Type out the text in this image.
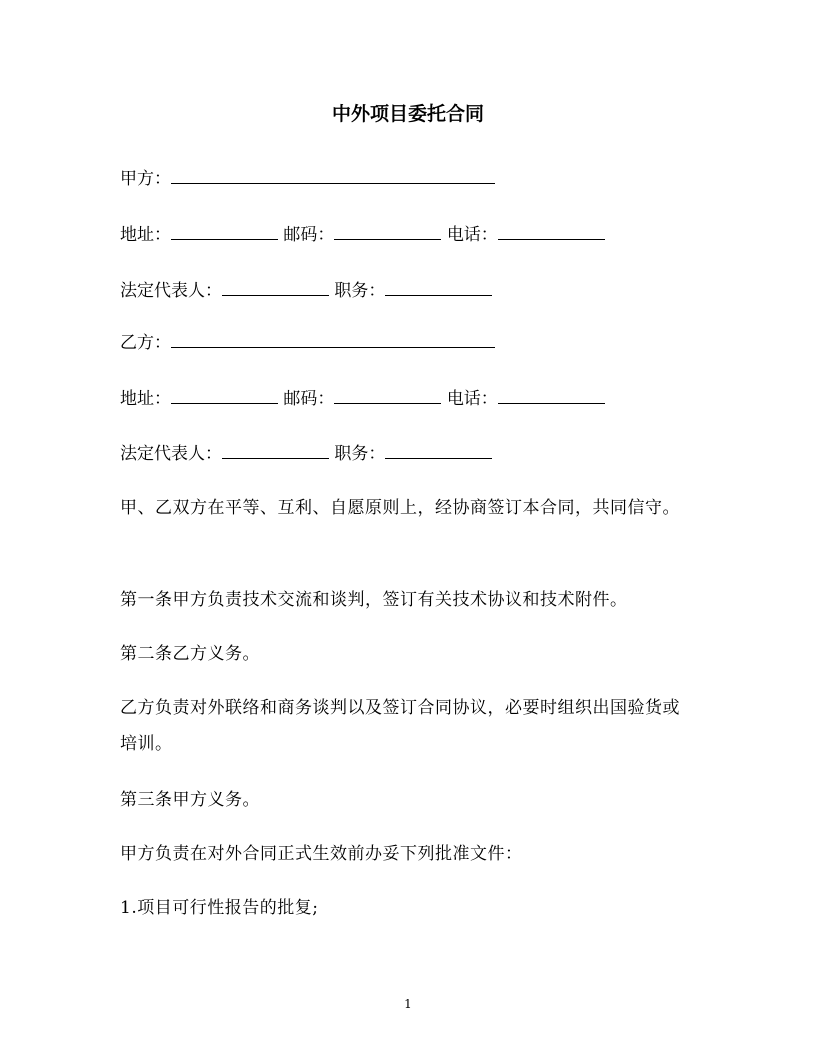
中外项目委托合同
甲方：
地址：	邮码：	电话：
法定代表人：	职务：
乙方：
地址：	邮码：	电话：
法定代表人：	职务：
甲、乙双方在平等、互利、自愿原则上，经协商签订本合同，共同信守。
第一条甲方负责技术交流和谈判，签订有关技术协议和技术附件。
第二条乙方义务。
乙方负责对外联络和商务谈判以及签订合同协议，必要时组织出国验货或培训。
第三条甲方义务。
甲方负责在对外合同正式生效前办妥下列批准文件：
1.项目可行性报告的批复;
1
